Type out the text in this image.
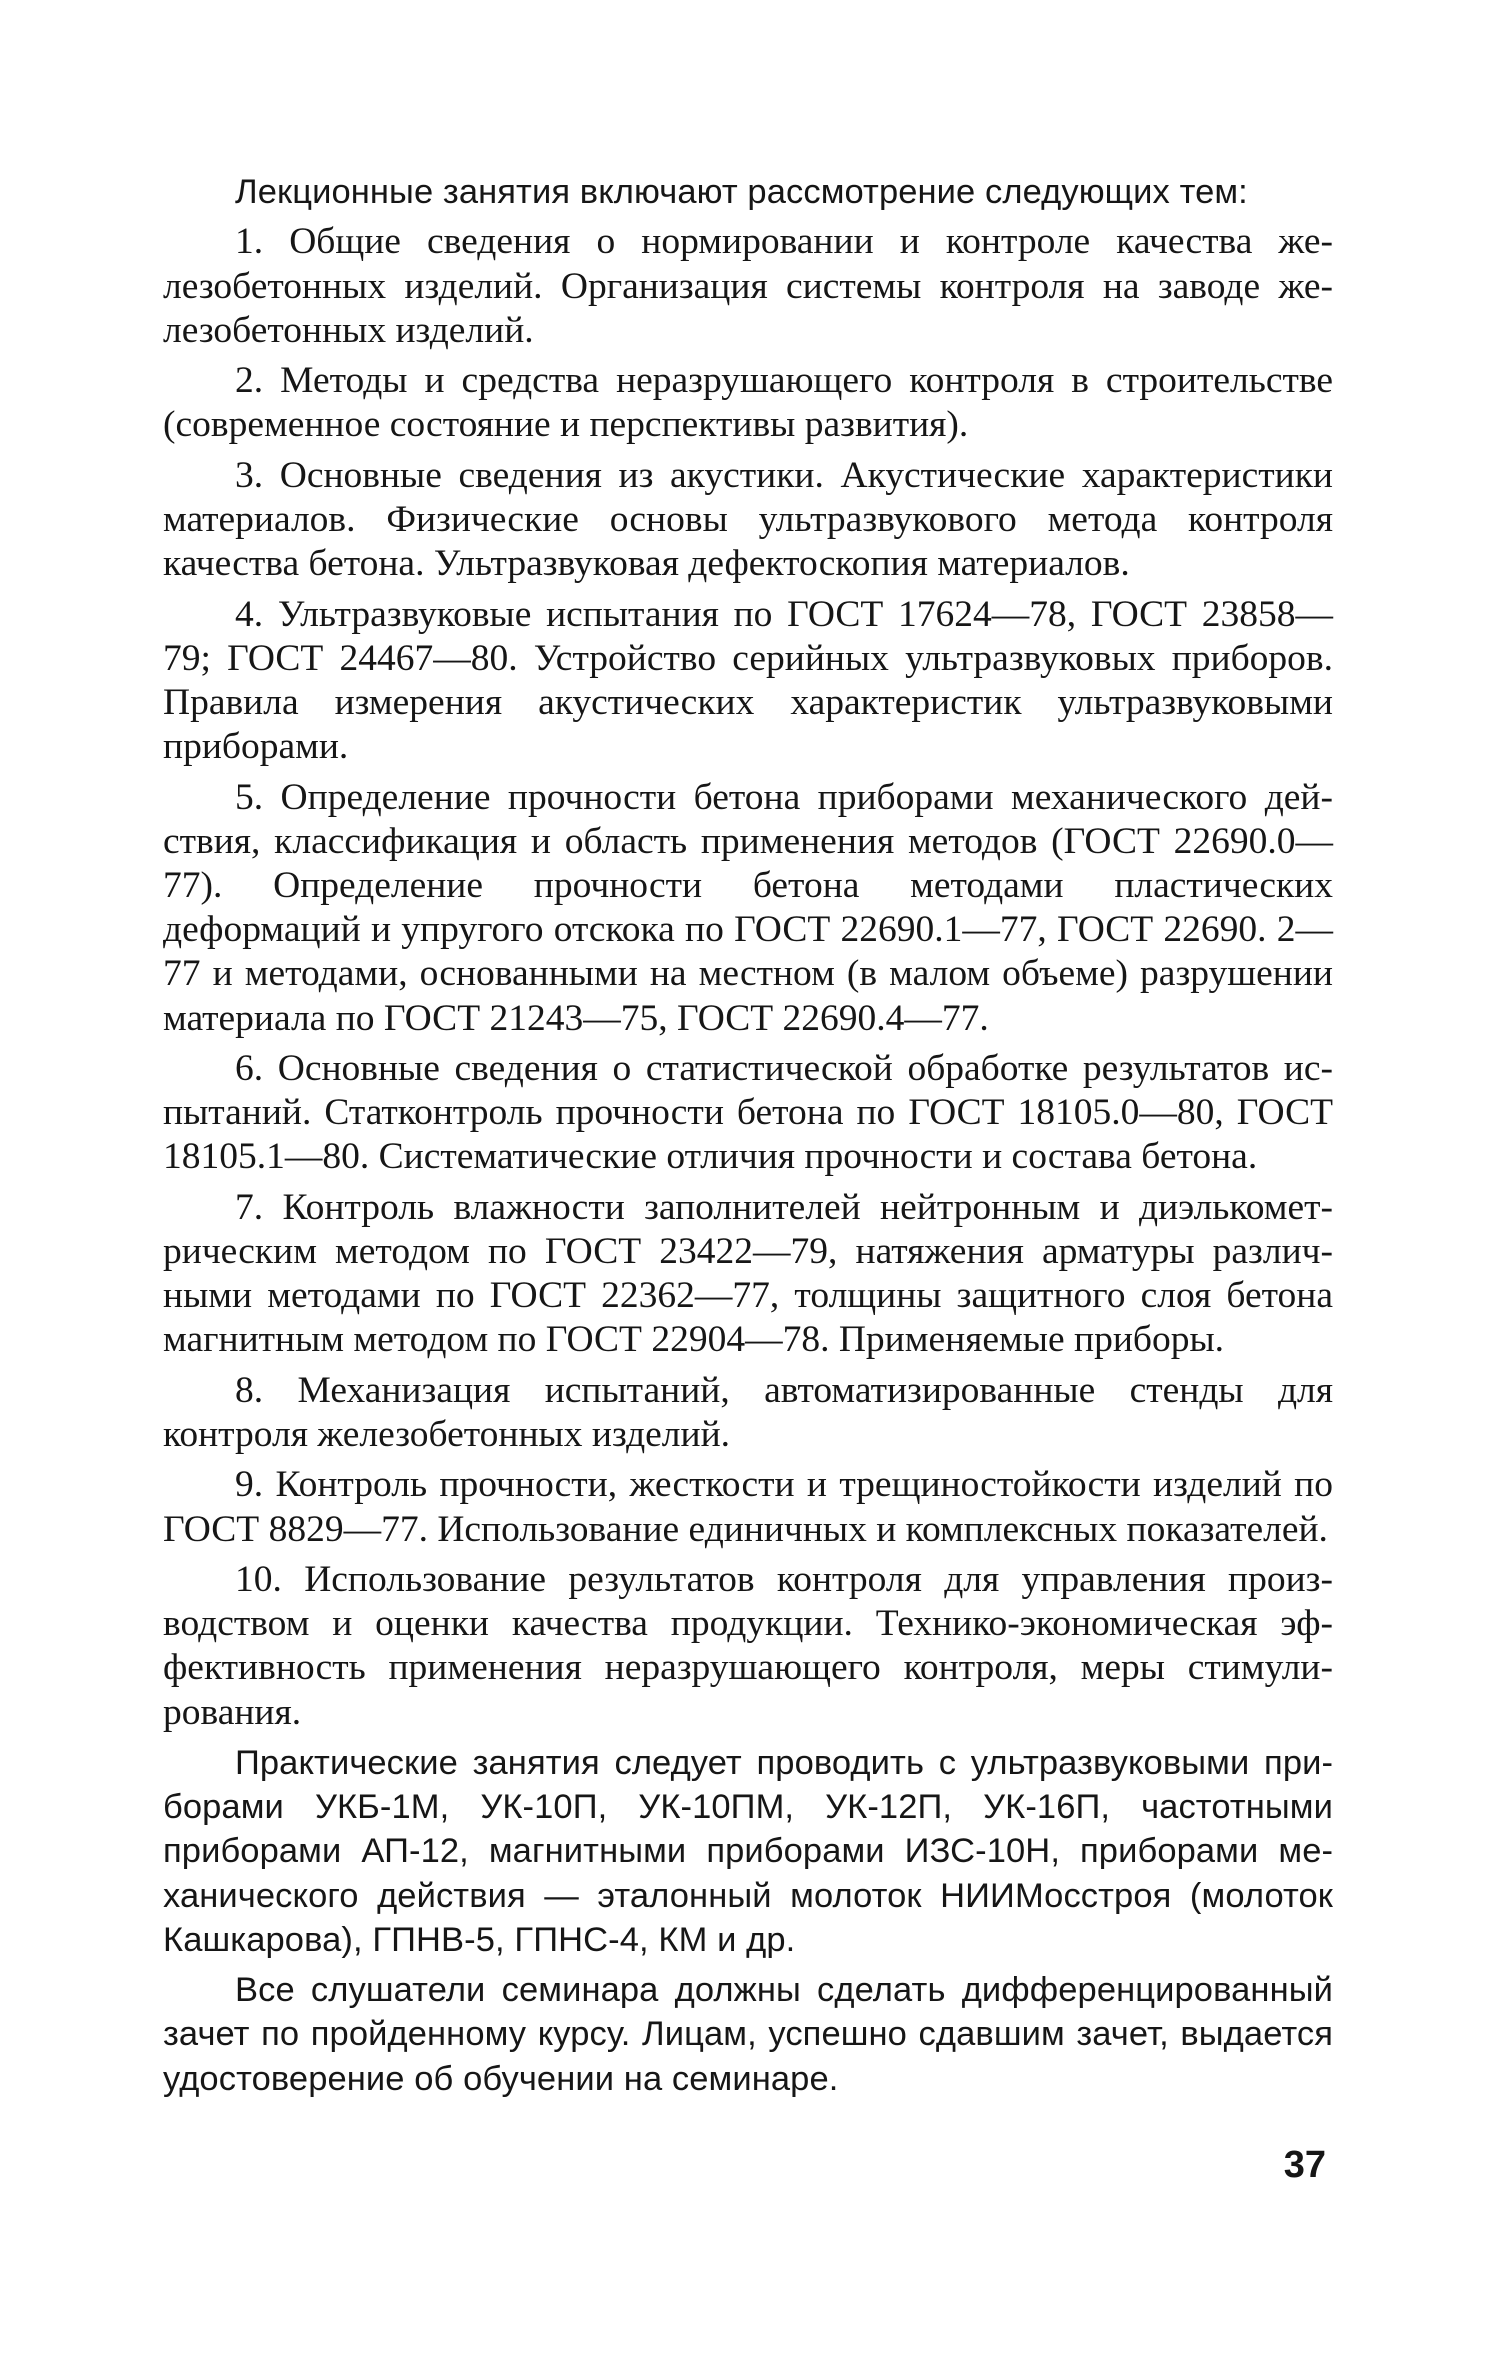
Лекционные занятия включают рассмотрение следующих тем:

1. Общие сведения о нормировании и контроле качества железобетонных изделий. Организация системы контроля на заводе железобетонных изделий.

2. Методы и средства неразрушающего контроля в строительстве (современное состояние и перспективы развития).

3. Основные сведения из акустики. Акустические характеристики материалов. Физические основы ультразвукового метода контроля качества бетона. Ультразвуковая дефектоскопия материалов.

4. Ультразвуковые испытания по ГОСТ 17624—78, ГОСТ 23858—79; ГОСТ 24467—80. Устройство серийных ультразвуковых приборов. Правила измерения акустических характеристик ультразвуковыми приборами.

5. Определение прочности бетона приборами механического действия, классификация и область применения методов (ГОСТ 22690.0—77). Определение прочности бетона методами пластических деформаций и упругого отскока по ГОСТ 22690.1—77, ГОСТ 22690. 2—77 и методами, основанными на местном (в малом объеме) разрушении материала по ГОСТ 21243—75, ГОСТ 22690.4—77.

6. Основные сведения о статистической обработке результатов испытаний. Статконтроль прочности бетона по ГОСТ 18105.0—80, ГОСТ 18105.1—80. Систематические отличия прочности и состава бетона.

7. Контроль влажности заполнителей нейтронным и диэлькометрическим методом по ГОСТ 23422—79, натяжения арматуры различными методами по ГОСТ 22362—77, толщины защитного слоя бетона магнитным методом по ГОСТ 22904—78. Применяемые приборы.

8. Механизация испытаний, автоматизированные стенды для контроля железобетонных изделий.

9. Контроль прочности, жесткости и трещиностойкости изделий по ГОСТ 8829—77. Использование единичных и комплексных показателей.

10. Использование результатов контроля для управления производством и оценки качества продукции. Технико-экономическая эффективность применения неразрушающего контроля, меры стимулирования.

Практические занятия следует проводить с ультразвуковыми приборами УКБ-1М, УК-10П, УК-10ПМ, УК-12П, УК-16П, частотными приборами АП-12, магнитными приборами ИЗС-10Н, приборами механического действия — эталонный молоток НИИМосстроя (молоток Кашкарова), ГПНВ-5, ГПНС-4, КМ и др.

Все слушатели семинара должны сделать дифференцированный зачет по пройденному курсу. Лицам, успешно сдавшим зачет, выдается удостоверение об обучении на семинаре.

37
